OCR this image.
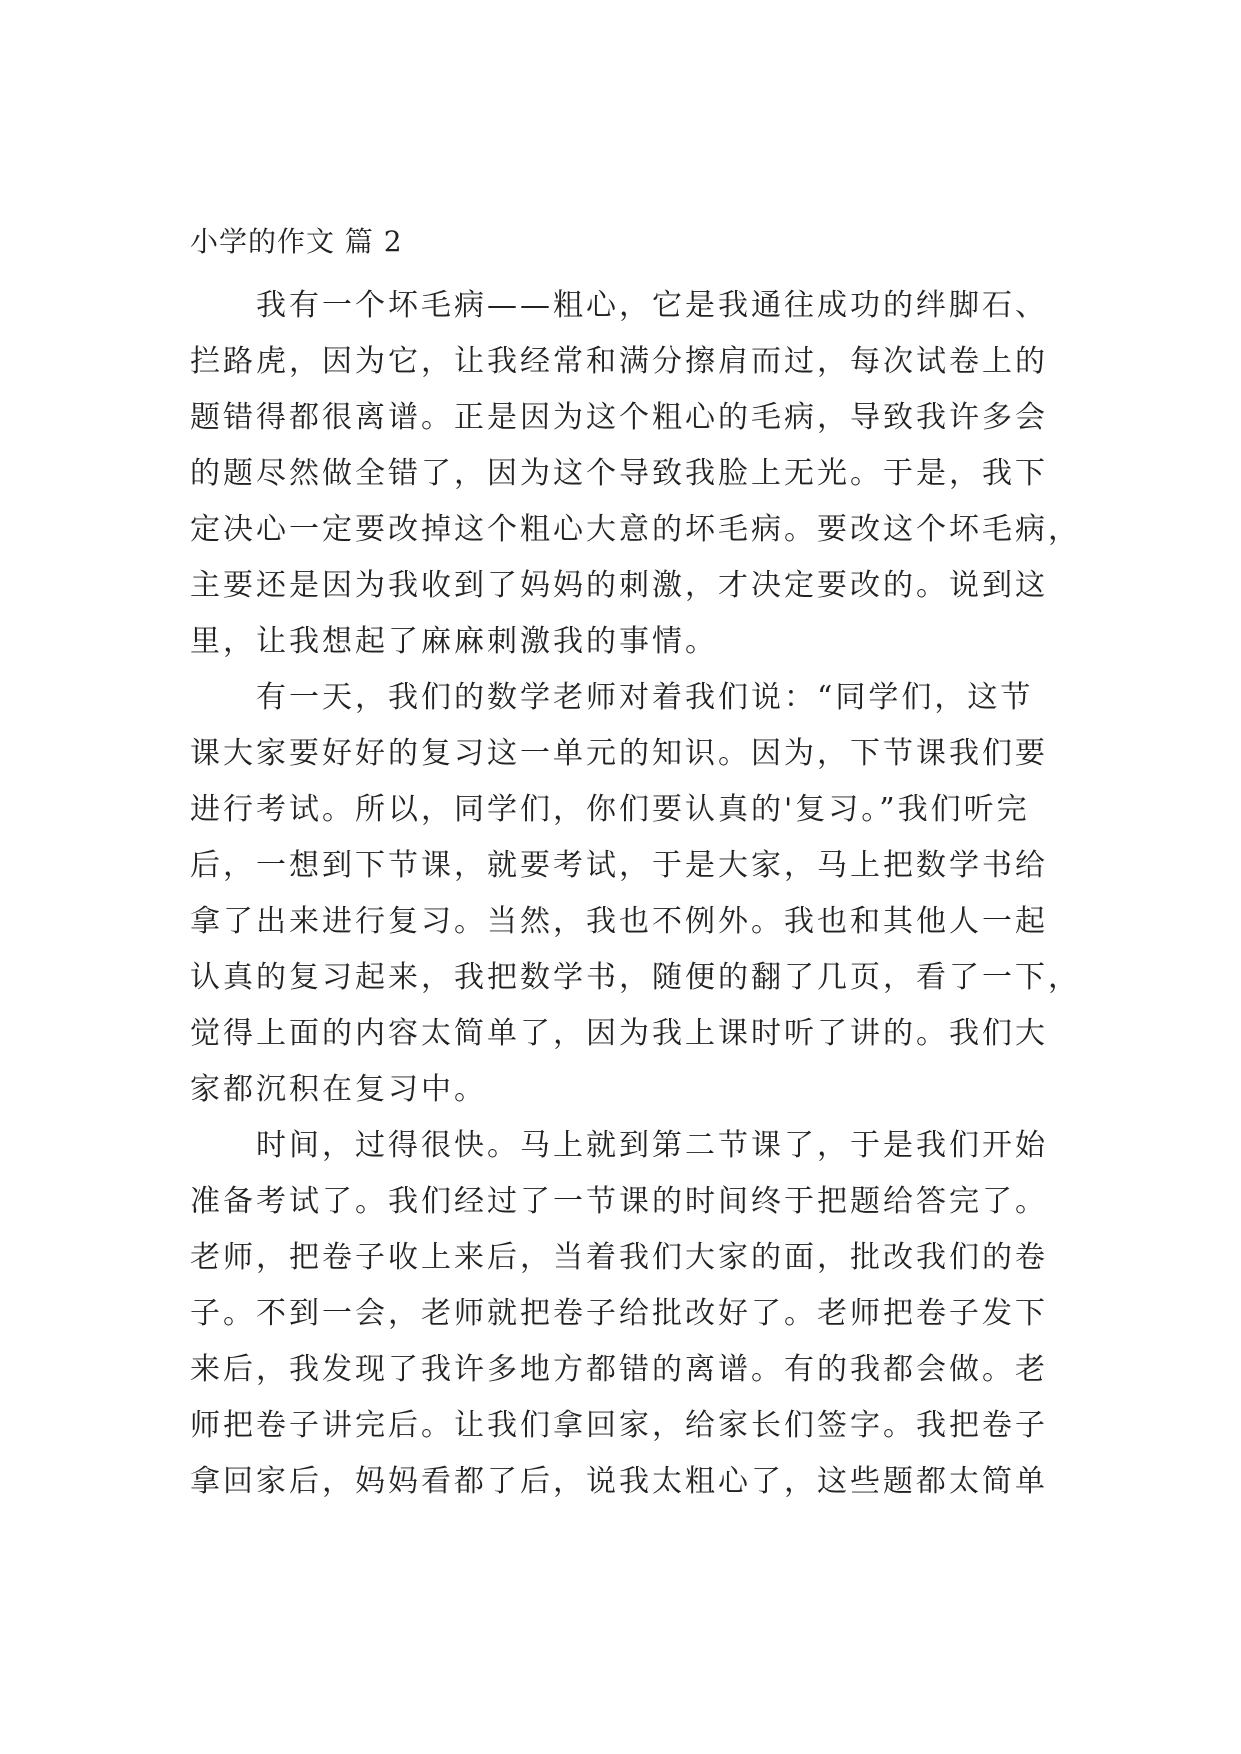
小学的作文 篇 2
我有一个坏毛病——粗心，它是我通往成功的绊脚石、
拦路虎，因为它，让我经常和满分擦肩而过，每次试卷上的
题错得都很离谱。正是因为这个粗心的毛病，导致我许多会
的题尽然做全错了，因为这个导致我脸上无光。于是，我下
定决心一定要改掉这个粗心大意的坏毛病。要改这个坏毛病，
主要还是因为我收到了妈妈的刺激，才决定要改的。说到这
里，让我想起了麻麻刺激我的事情。
有一天，我们的数学老师对着我们说：“同学们，这节
课大家要好好的复习这一单元的知识。因为，下节课我们要
进行考试。所以，同学们，你们要认真的'复习。”我们听完
后，一想到下节课，就要考试，于是大家，马上把数学书给
拿了出来进行复习。当然，我也不例外。我也和其他人一起
认真的复习起来，我把数学书，随便的翻了几页，看了一下，
觉得上面的内容太简单了，因为我上课时听了讲的。我们大
家都沉积在复习中。
时间，过得很快。马上就到第二节课了，于是我们开始
准备考试了。我们经过了一节课的时间终于把题给答完了。
老师，把卷子收上来后，当着我们大家的面，批改我们的卷
子。不到一会，老师就把卷子给批改好了。老师把卷子发下
来后，我发现了我许多地方都错的离谱。有的我都会做。老
师把卷子讲完后。让我们拿回家，给家长们签字。我把卷子
拿回家后，妈妈看都了后，说我太粗心了，这些题都太简单
